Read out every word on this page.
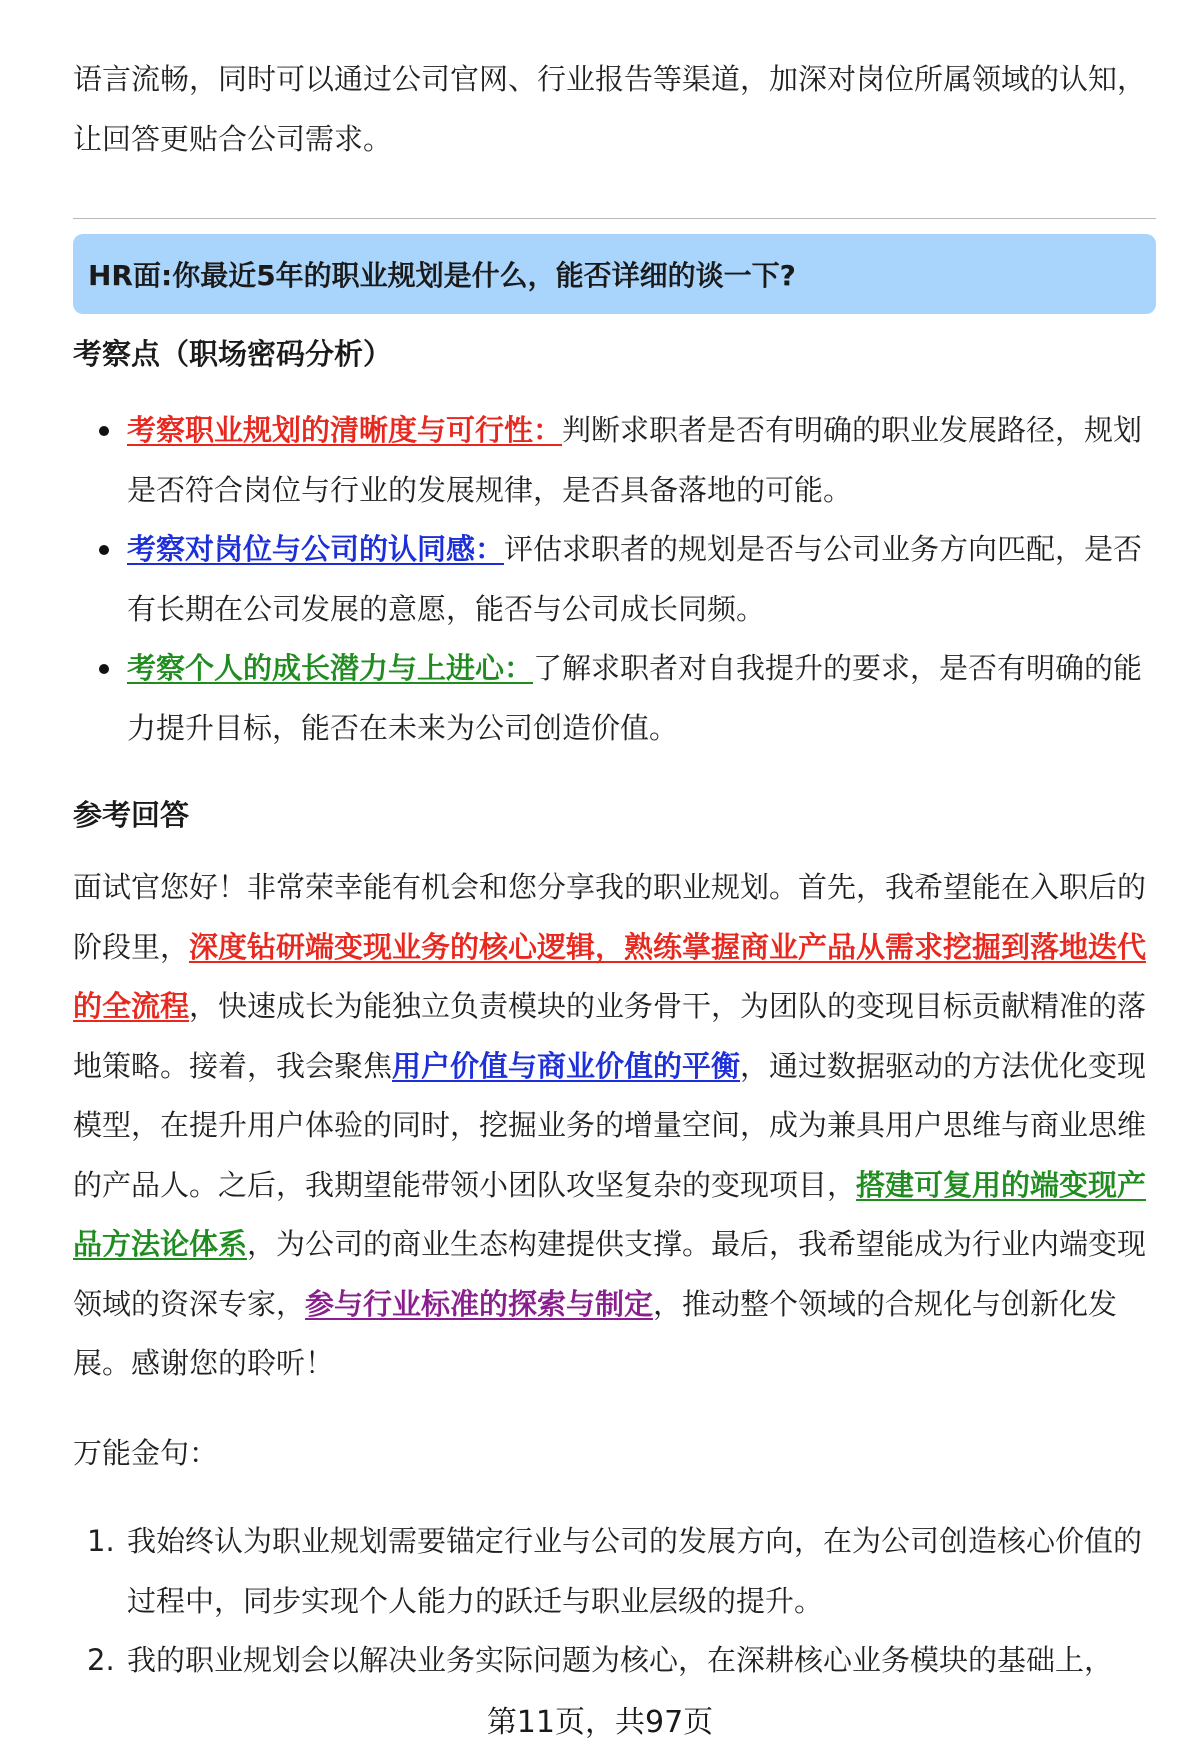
语言流畅，同时可以通过公司官网、行业报告等渠道，加深对岗位所属领域的认知，让回答更贴合公司需求。

HR面:你最近5年的职业规划是什么，能否详细的谈一下?
考察点（职场密码分析）
考察职业规划的清晰度与可行性：判断求职者是否有明确的职业发展路径，规划是否符合岗位与行业的发展规律，是否具备落地的可能。
考察对岗位与公司的认同感：评估求职者的规划是否与公司业务方向匹配，是否有长期在公司发展的意愿，能否与公司成长同频。
考察个人的成长潜力与上进心：了解求职者对自我提升的要求，是否有明确的能力提升目标，能否在未来为公司创造价值。
参考回答

面试官您好！非常荣幸能有机会和您分享我的职业规划。首先，我希望能在入职后的阶段里，深度钻研端变现业务的核心逻辑，熟练掌握商业产品从需求挖掘到落地迭代的全流程，快速成长为能独立负责模块的业务骨干，为团队的变现目标贡献精准的落地策略。接着，我会聚焦用户价值与商业价值的平衡，通过数据驱动的方法优化变现模型，在提升用户体验的同时，挖掘业务的增量空间，成为兼具用户思维与商业思维的产品人。之后，我期望能带领小团队攻坚复杂的变现项目，搭建可复用的端变现产品方法论体系，为公司的商业生态构建提供支撑。最后，我希望能成为行业内端变现领域的资深专家，参与行业标准的探索与制定，推动整个领域的合规化与创新化发展。感谢您的聆听！

万能金句：

1. 我始终认为职业规划需要锚定行业与公司的发展方向，在为公司创造核心价值的过程中，同步实现个人能力的跃迁与职业层级的提升。
2. 我的职业规划会以解决业务实际问题为核心，在深耕核心业务模块的基础上，
第11页，共97页
